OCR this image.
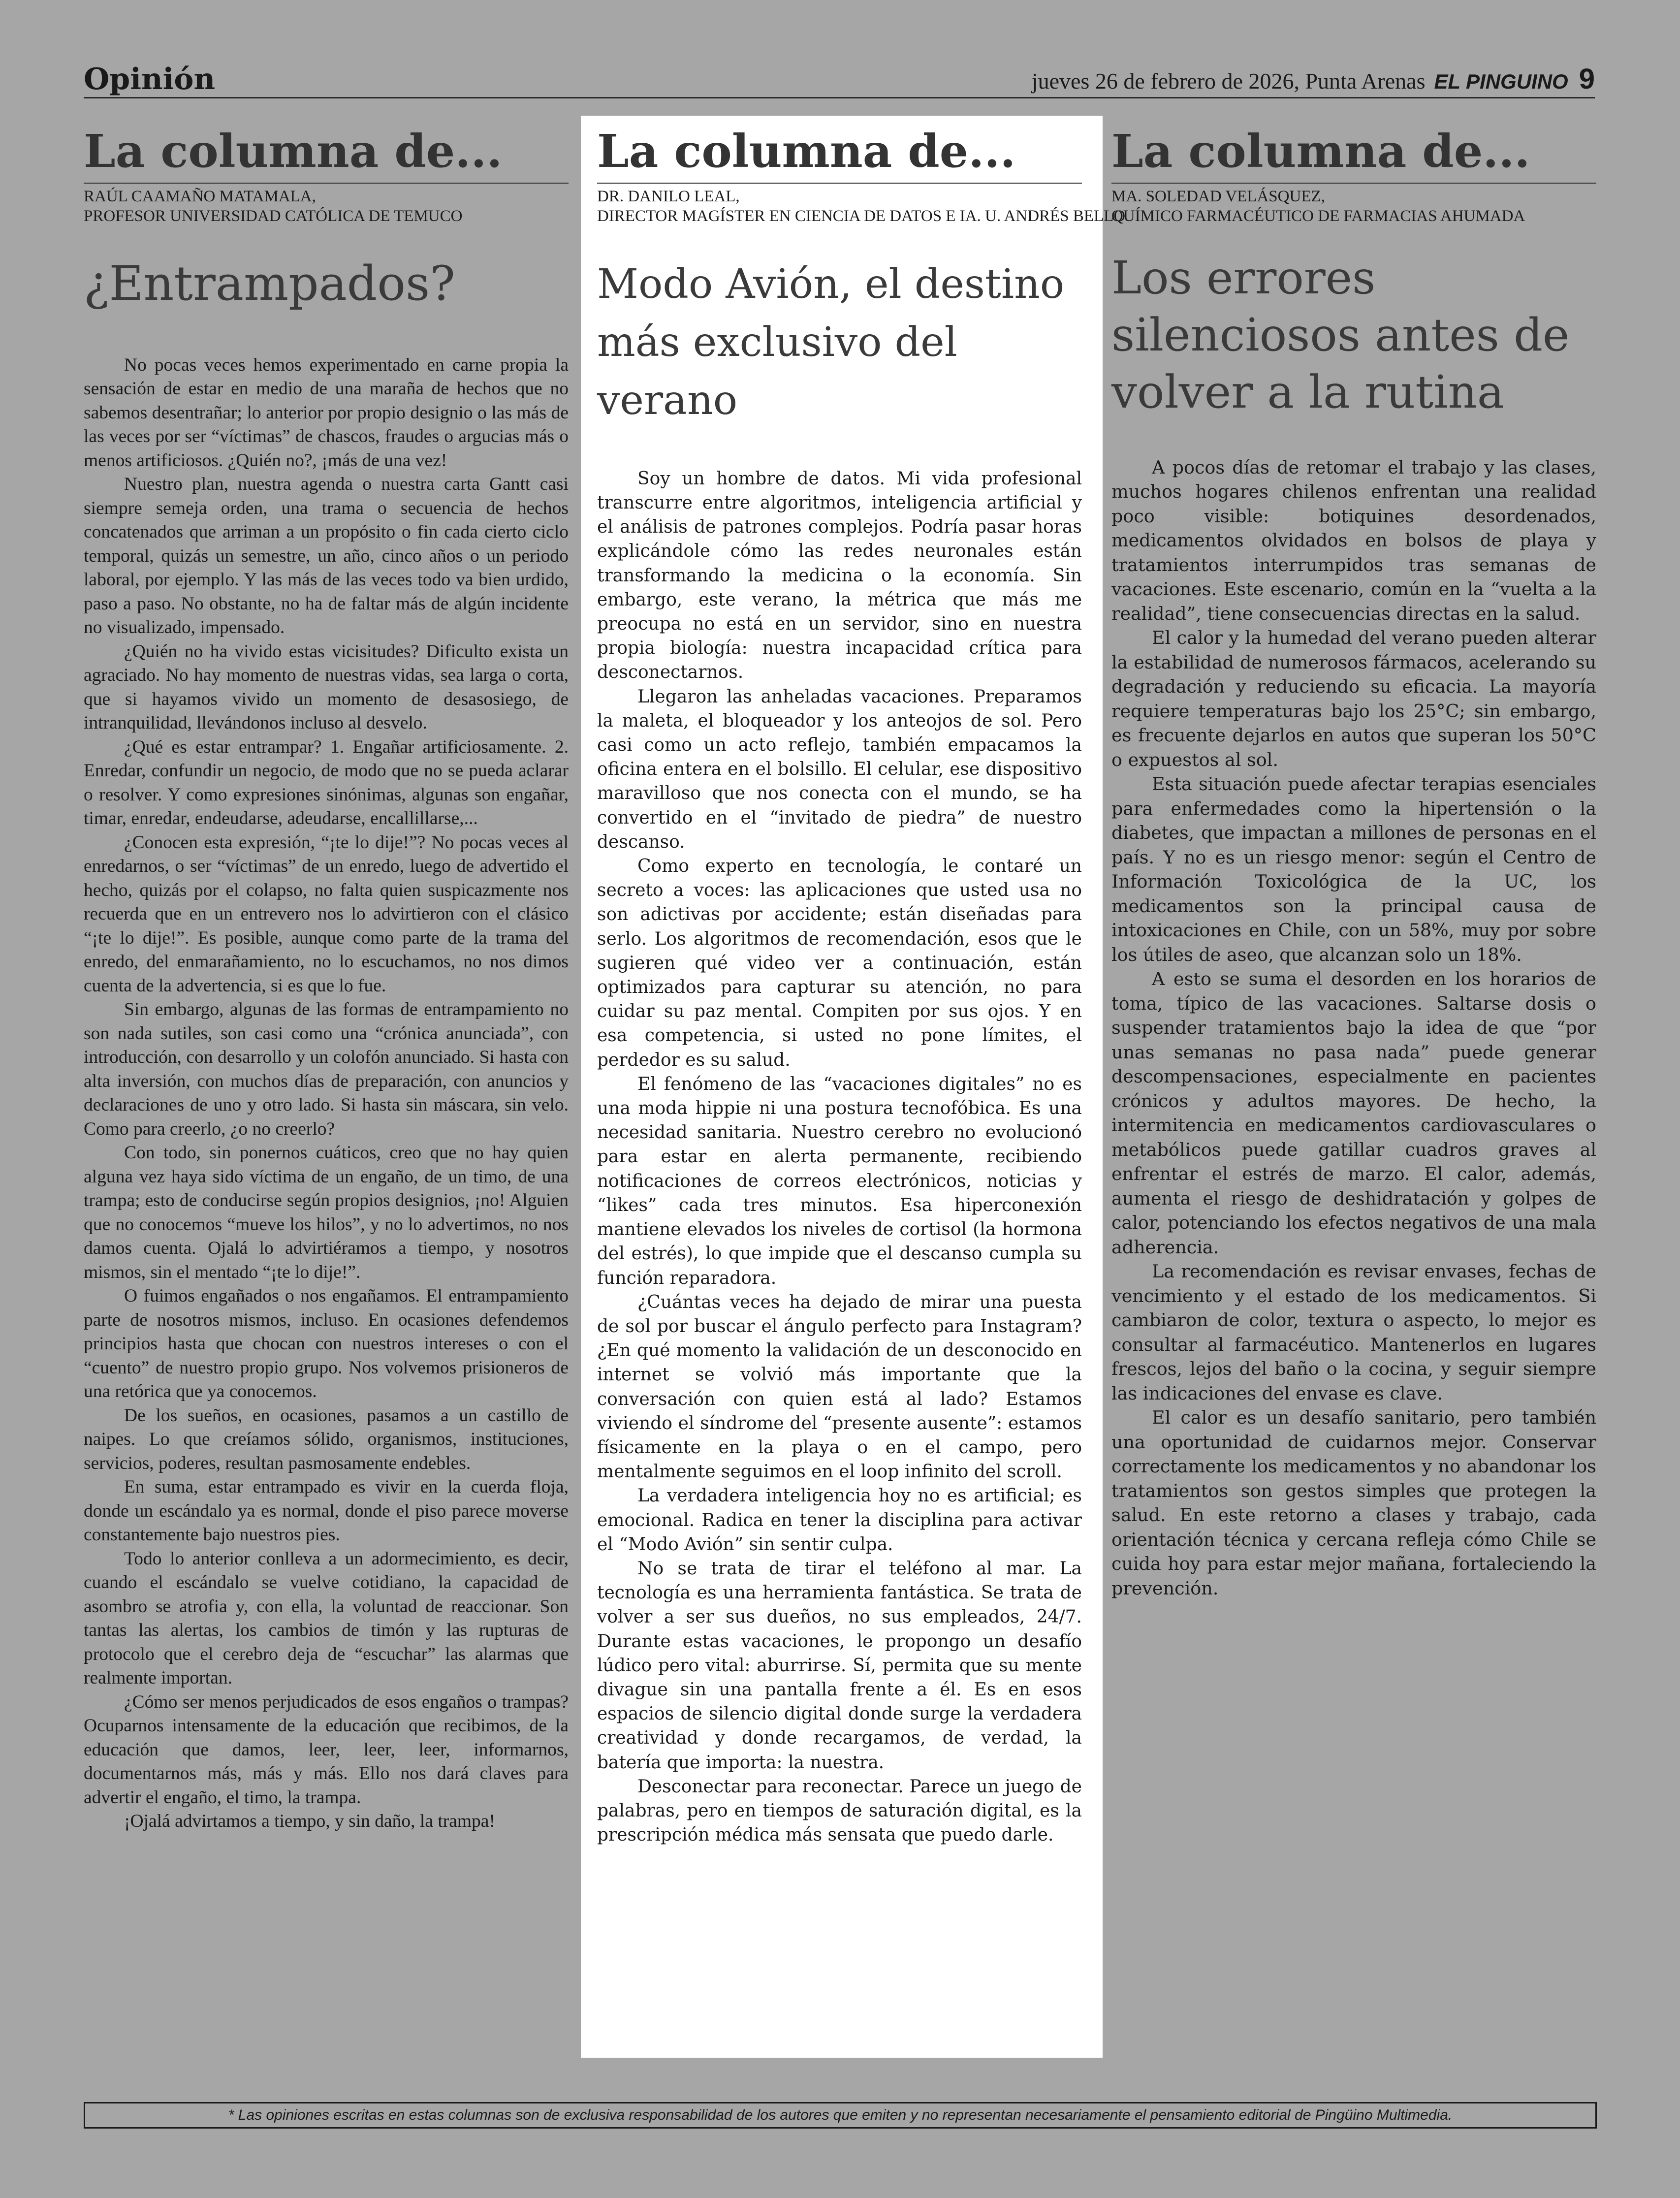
Opinión	jueves 26 de febrero de 2026, Punta Arenas EL PINGUINO 9
La columna de...
RAÚL CAAMAÑO MATAMALA,
PROFESOR UNIVERSIDAD CATÓLICA DE TEMUCO
¿Entrampados?

No pocas veces hemos experimentado en carne propia la sensación de estar en medio de una maraña de hechos que no sabemos desentrañar; lo anterior por propio designio o las más de las veces por ser “víctimas” de chascos, fraudes o argucias más o menos artificiosos. ¿Quién no?, ¡más de una vez!

Nuestro plan, nuestra agenda o nuestra carta Gantt casi siempre semeja orden, una trama o secuencia de hechos concatenados que arriman a un propósito o fin cada cierto ciclo temporal, quizás un semestre, un año, cinco años o un periodo laboral, por ejemplo. Y las más de las veces todo va bien urdido, paso a paso. No obstante, no ha de faltar más de algún incidente no visualizado, impensado.

¿Quién no ha vivido estas vicisitudes? Dificulto exista un agraciado. No hay momento de nuestras vidas, sea larga o corta, que si hayamos vivido un momento de desasosiego, de intranquilidad, llevándonos incluso al desvelo.

¿Qué es estar entrampar? 1. Engañar artificiosamente. 2. Enredar, confundir un negocio, de modo que no se pueda aclarar o resolver. Y como expresiones sinónimas, algunas son engañar, timar, enredar, endeudarse, adeudarse, encallillarse,...

¿Conocen esta expresión, “¡te lo dije!”? No pocas veces al enredarnos, o ser “víctimas” de un enredo, luego de advertido el hecho, quizás por el colapso, no falta quien suspicazmente nos recuerda que en un entrevero nos lo advirtieron con el clásico “¡te lo dije!”. Es posible, aunque como parte de la trama del enredo, del enmarañamiento, no lo escuchamos, no nos dimos cuenta de la advertencia, si es que lo fue.

Sin embargo, algunas de las formas de entrampamiento no son nada sutiles, son casi como una “crónica anunciada”, con introducción, con desarrollo y un colofón anunciado. Si hasta con alta inversión, con muchos días de preparación, con anuncios y declaraciones de uno y otro lado. Si hasta sin máscara, sin velo. Como para creerlo, ¿o no creerlo?

Con todo, sin ponernos cuáticos, creo que no hay quien alguna vez haya sido víctima de un engaño, de un timo, de una trampa; esto de conducirse según propios designios, ¡no! Alguien que no conocemos “mueve los hilos”, y no lo advertimos, no nos damos cuenta. Ojalá lo advirtiéramos a tiempo, y nosotros mismos, sin el mentado “¡te lo dije!”.

O fuimos engañados o nos engañamos. El entrampamiento parte de nosotros mismos, incluso. En ocasiones defendemos principios hasta que chocan con nuestros intereses o con el “cuento” de nuestro propio grupo. Nos volvemos prisioneros de una retórica que ya conocemos.

De los sueños, en ocasiones, pasamos a un castillo de naipes. Lo que creíamos sólido, organismos, instituciones, servicios, poderes, resultan pasmosamente endebles.

En suma, estar entrampado es vivir en la cuerda floja, donde un escándalo ya es normal, donde el piso parece moverse constantemente bajo nuestros pies.

Todo lo anterior conlleva a un adormecimiento, es decir, cuando el escándalo se vuelve cotidiano, la capacidad de asombro se atrofia y, con ella, la voluntad de reaccionar. Son tantas las alertas, los cambios de timón y las rupturas de protocolo que el cerebro deja de “escuchar” las alarmas que realmente importan.

¿Cómo ser menos perjudicados de esos engaños o trampas? Ocuparnos intensamente de la educación que recibimos, de la educación que damos, leer, leer, leer, informarnos, documentarnos más, más y más. Ello nos dará claves para advertir el engaño, el timo, la trampa.

¡Ojalá advirtamos a tiempo, y sin daño, la trampa!

La columna de...
DR. DANILO LEAL,
DIRECTOR MAGÍSTER EN CIENCIA DE DATOS E IA. U. ANDRÉS BELLO
Modo Avión, el destino más exclusivo del verano

Soy un hombre de datos. Mi vida profesional transcurre entre algoritmos, inteligencia artificial y el análisis de patrones complejos. Podría pasar horas explicándole cómo las redes neuronales están transformando la medicina o la economía. Sin embargo, este verano, la métrica que más me preocupa no está en un servidor, sino en nuestra propia biología: nuestra incapacidad crítica para desconectarnos.

Llegaron las anheladas vacaciones. Preparamos la maleta, el bloqueador y los anteojos de sol. Pero casi como un acto reflejo, también empacamos la oficina entera en el bolsillo. El celular, ese dispositivo maravilloso que nos conecta con el mundo, se ha convertido en el “invitado de piedra” de nuestro descanso.

Como experto en tecnología, le contaré un secreto a voces: las aplicaciones que usted usa no son adictivas por accidente; están diseñadas para serlo. Los algoritmos de recomendación, esos que le sugieren qué video ver a continuación, están optimizados para capturar su atención, no para cuidar su paz mental. Compiten por sus ojos. Y en esa competencia, si usted no pone límites, el perdedor es su salud.

El fenómeno de las “vacaciones digitales” no es una moda hippie ni una postura tecnofóbica. Es una necesidad sanitaria. Nuestro cerebro no evolucionó para estar en alerta permanente, recibiendo notificaciones de correos electrónicos, noticias y “likes” cada tres minutos. Esa hiperconexión mantiene elevados los niveles de cortisol (la hormona del estrés), lo que impide que el descanso cumpla su función reparadora.

¿Cuántas veces ha dejado de mirar una puesta de sol por buscar el ángulo perfecto para Instagram? ¿En qué momento la validación de un desconocido en internet se volvió más importante que la conversación con quien está al lado? Estamos viviendo el síndrome del “presente ausente”: estamos físicamente en la playa o en el campo, pero mentalmente seguimos en el loop infinito del scroll.

La verdadera inteligencia hoy no es artificial; es emocional. Radica en tener la disciplina para activar el “Modo Avión” sin sentir culpa.

No se trata de tirar el teléfono al mar. La tecnología es una herramienta fantástica. Se trata de volver a ser sus dueños, no sus empleados, 24/7. Durante estas vacaciones, le propongo un desafío lúdico pero vital: aburrirse. Sí, permita que su mente divague sin una pantalla frente a él. Es en esos espacios de silencio digital donde surge la verdadera creatividad y donde recargamos, de verdad, la batería que importa: la nuestra.

Desconectar para reconectar. Parece un juego de palabras, pero en tiempos de saturación digital, es la prescripción médica más sensata que puedo darle.

La columna de...
MA. SOLEDAD VELÁSQUEZ,
QUÍMICO FARMACÉUTICO DE FARMACIAS AHUMADA
Los errores silenciosos antes de volver a la rutina

A pocos días de retomar el trabajo y las clases, muchos hogares chilenos enfrentan una realidad poco visible: botiquines desordenados, medicamentos olvidados en bolsos de playa y tratamientos interrumpidos tras semanas de vacaciones. Este escenario, común en la “vuelta a la realidad”, tiene consecuencias directas en la salud.

El calor y la humedad del verano pueden alterar la estabilidad de numerosos fármacos, acelerando su degradación y reduciendo su eficacia. La mayoría requiere temperaturas bajo los 25°C; sin embargo, es frecuente dejarlos en autos que superan los 50°C o expuestos al sol.

Esta situación puede afectar terapias esenciales para enfermedades como la hipertensión o la diabetes, que impactan a millones de personas en el país. Y no es un riesgo menor: según el Centro de Información Toxicológica de la UC, los medicamentos son la principal causa de intoxicaciones en Chile, con un 58%, muy por sobre los útiles de aseo, que alcanzan solo un 18%.

A esto se suma el desorden en los horarios de toma, típico de las vacaciones. Saltarse dosis o suspender tratamientos bajo la idea de que “por unas semanas no pasa nada” puede generar descompensaciones, especialmente en pacientes crónicos y adultos mayores. De hecho, la intermitencia en medicamentos cardiovasculares o metabólicos puede gatillar cuadros graves al enfrentar el estrés de marzo. El calor, además, aumenta el riesgo de deshidratación y golpes de calor, potenciando los efectos negativos de una mala adherencia.

La recomendación es revisar envases, fechas de vencimiento y el estado de los medicamentos. Si cambiaron de color, textura o aspecto, lo mejor es consultar al farmacéutico. Mantenerlos en lugares frescos, lejos del baño o la cocina, y seguir siempre las indicaciones del envase es clave.

El calor es un desafío sanitario, pero también una oportunidad de cuidarnos mejor. Conservar correctamente los medicamentos y no abandonar los tratamientos son gestos simples que protegen la salud. En este retorno a clases y trabajo, cada orientación técnica y cercana refleja cómo Chile se cuida hoy para estar mejor mañana, fortaleciendo la prevención.

* Las opiniones escritas en estas columnas son de exclusiva responsabilidad de los autores que emiten y no representan necesariamente el pensamiento editorial de Pingüino Multimedia.
